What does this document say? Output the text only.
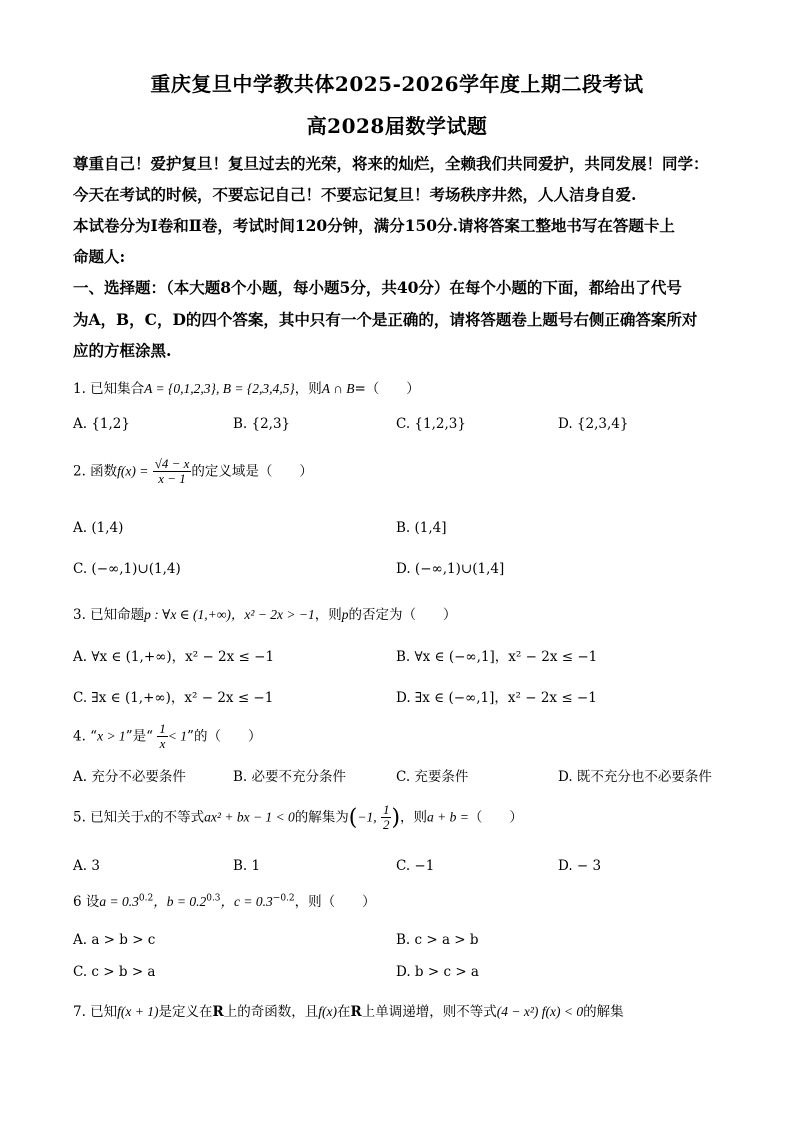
重庆复旦中学教共体2025-2026学年度上期二段考试
高2028届数学试题
尊重自己！爱护复旦！复旦过去的光荣，将来的灿烂，全赖我们共同爱护，共同发展！同学：
今天在考试的时候，不要忘记自己！不要忘记复旦！考场秩序井然，人人洁身自爱.
本试卷分为Ⅰ卷和Ⅱ卷，考试时间120分钟，满分150分.请将答案工整地书写在答题卡上
命题人:
一、选择题：（本大题8个小题，每小题5分，共40分）在每个小题的下面，都给出了代号
为A，B，C，D的四个答案，其中只有一个是正确的，请将答题卷上题号右侧正确答案所对
应的方框涂黑.
1. 已知集合A = {0,1,2,3}, B = {2,3,4,5}，则A ∩ B=（　　）
A. {1,2}	B. {2,3}	C. {1,2,3}	D. {2,3,4}
2. 函数$f(x) = \frac{√4 - x}{x - 1}$ 的定义域是（　　）
A. (1,4)	B. (1,4]
C. (−∞,1)∪(1,4)	D. (−∞,1)∪(1,4]
3. 已知命题p : ∀x ∈ (1,+∞)，x² − 2x > −1，则p的否定为（　　）
A. ∀x ∈ (1,+∞)，x² − 2x ≤ −1	B. ∀x ∈ (−∞,1]，x² − 2x ≤ −1
C. ∃x ∈ (1,+∞)，x² − 2x ≤ −1	D. ∃x ∈ (−∞,1]，x² − 2x ≤ −1
4. “x > 1”是“ $\frac{1}{x} < 1$”的（　　）
A. 充分不必要条件	B. 必要不充分条件	C. 充要条件	D. 既不充分也不必要条件
5. 已知关于x的不等式ax² + bx − 1 < 0的解集为(−1, $\frac{1}{2}$ )，则a + b =（　　）
A. 3	B. 1	C. −1	D. − 3
6 设$a = 0.3^{0.2}$，$b = 0.2^{0.3}$，$c = 0.3^{-0.2}$，则（　　）
A. a > b > c	B. c > a > b
C. c > b > a	D. b > c > a
7. 已知f(x + 1)是定义在R上的奇函数，且f(x)在R上单调递增，则不等式(4 − x²) f(x) < 0的解集
